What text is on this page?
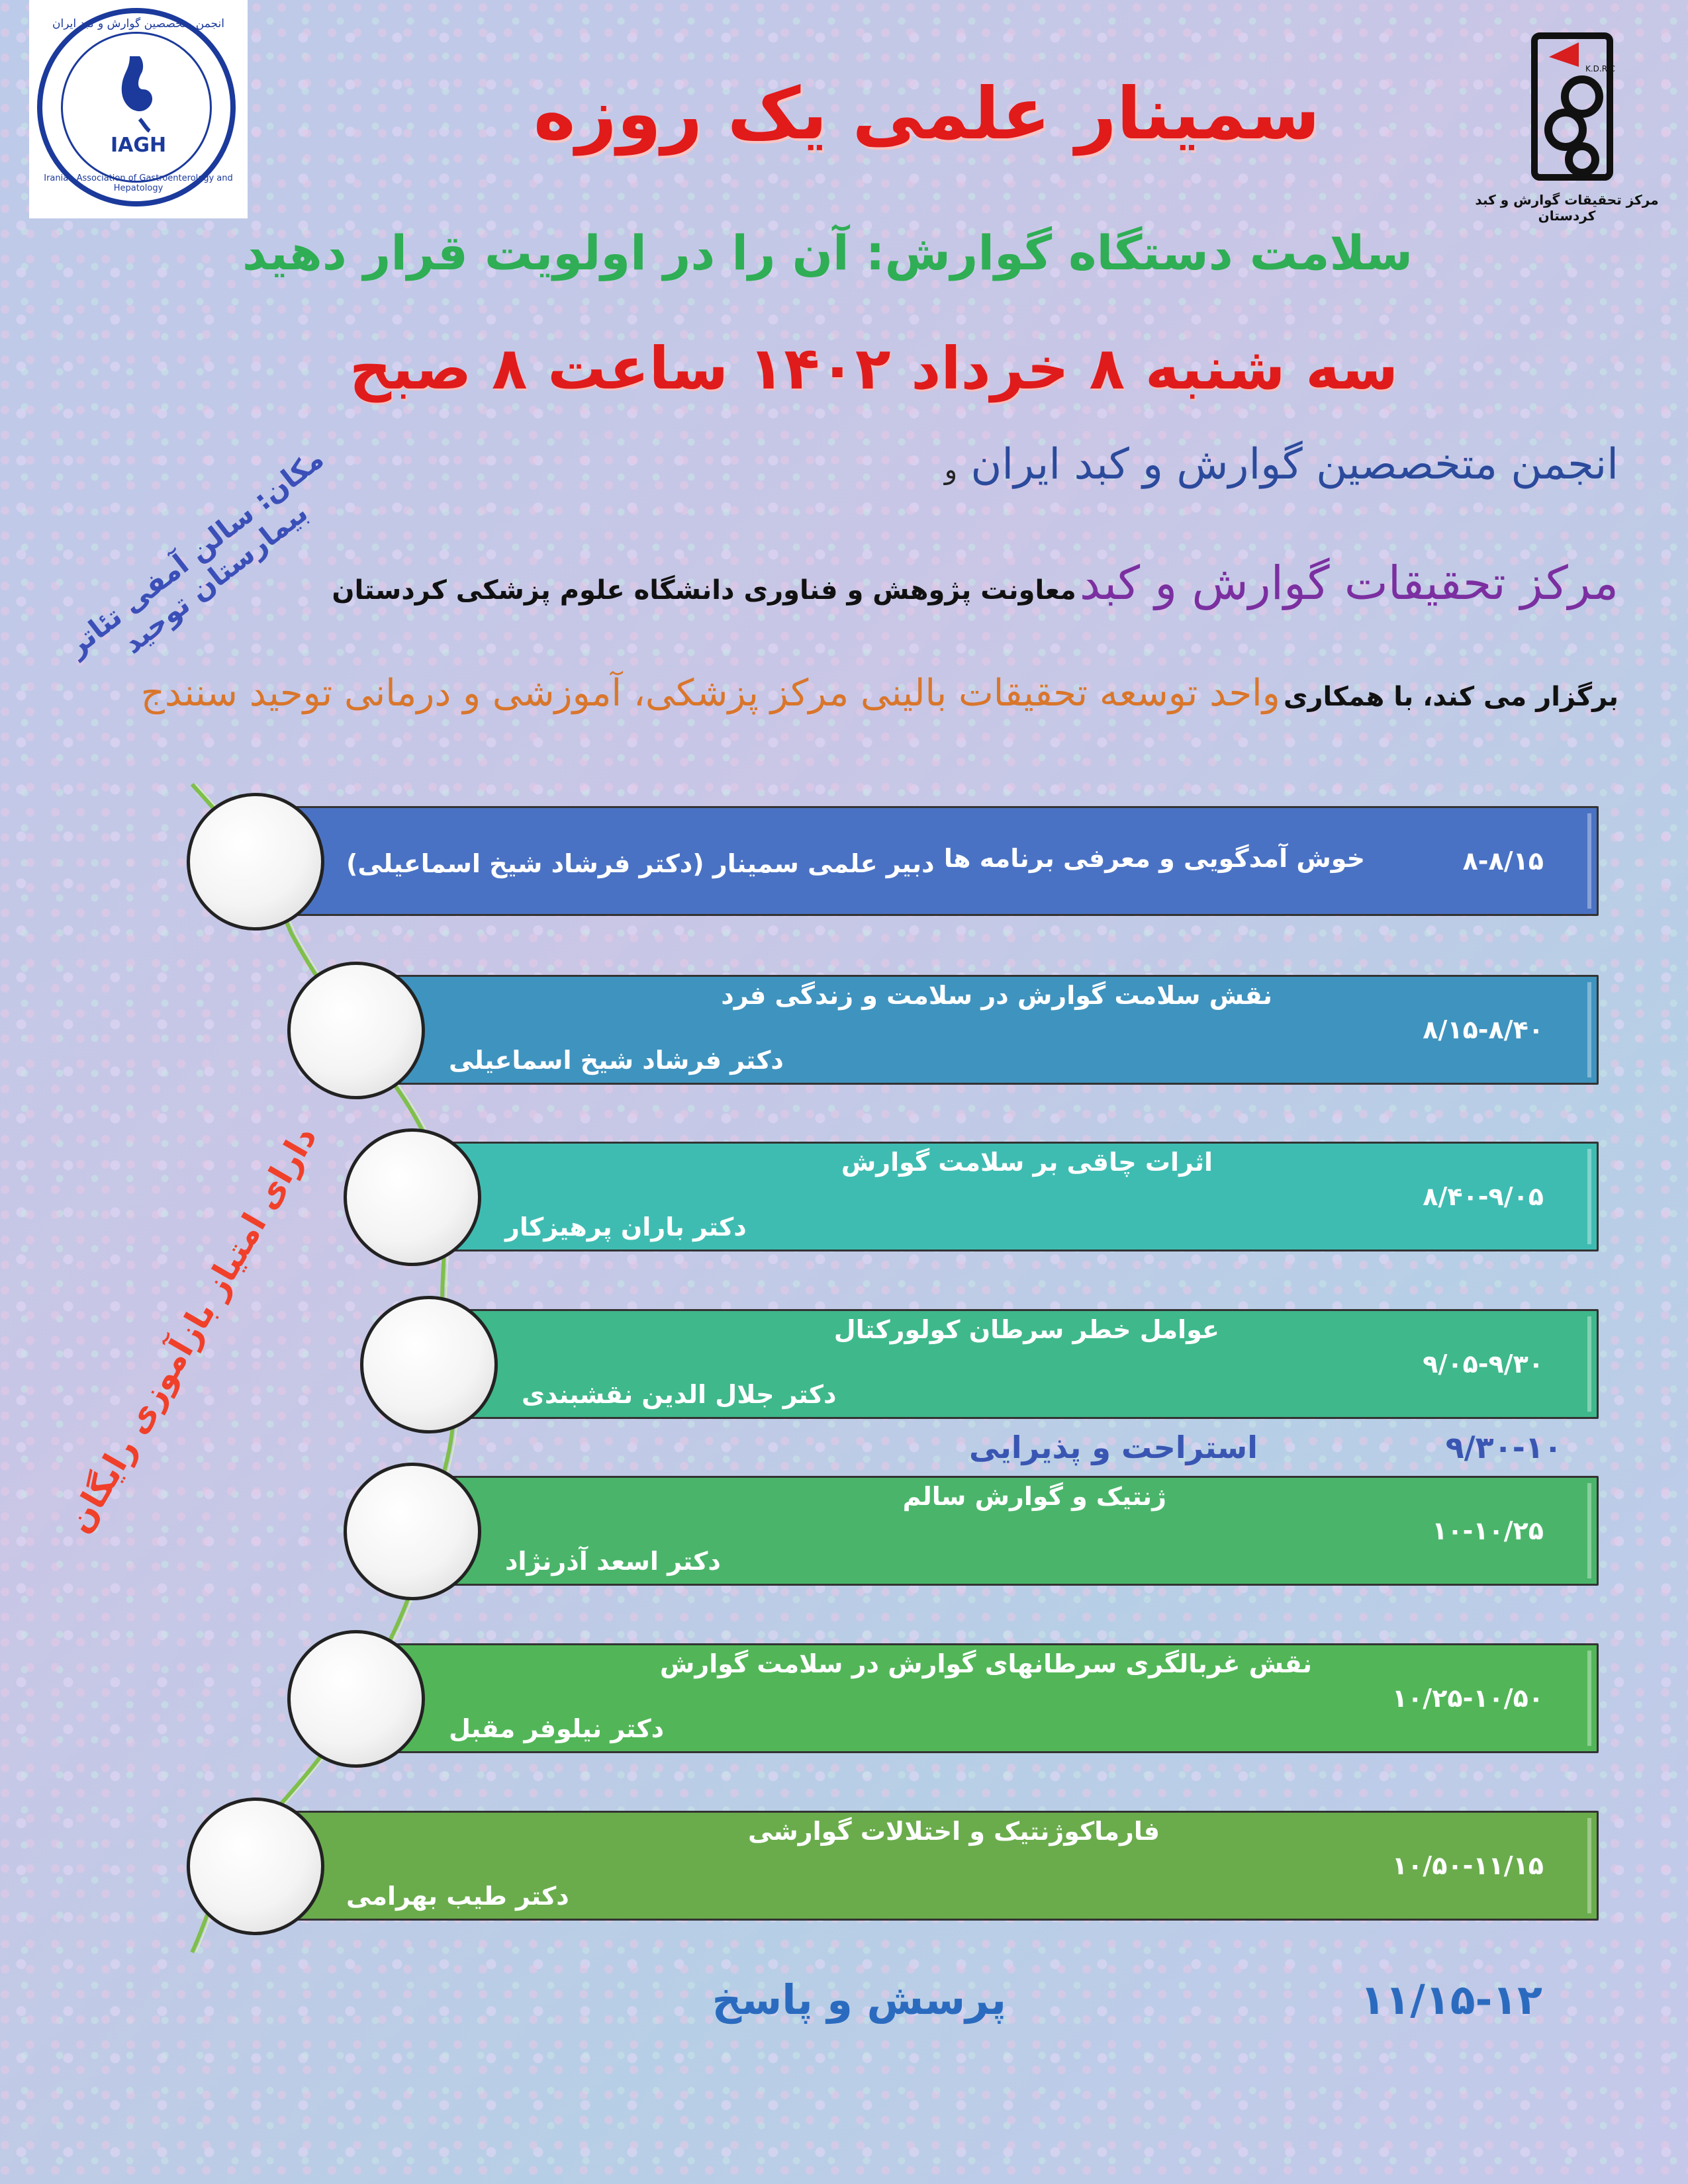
انجمن متخصصین گوارش و کبد ایران
IAGH
Iranian Association of Gastroenterology and Hepatology
K.D.R.C
مرکز تحقیقات گوارش و کبد کردستان
سمینار علمی یک روزه
سلامت دستگاه گوارش: آن را در اولویت قرار دهید
سه شنبه ۸ خرداد ۱۴۰۲ ساعت ۸ صبح
انجمن متخصصین گوارش و کبد ایران و
مرکز تحقیقات گوارش و کبد معاونت پژوهش و فناوری دانشگاه علوم پزشکی کردستان
برگزار می کند، با همکاری واحد توسعه تحقیقات بالینی مرکز پزشکی، آموزشی و درمانی توحید سنندج
مکان: سالن آمفی تئاتر بیمارستان توحید
دارای امتیاز بازآموزی رایگان
۸-۸/۱۵
خوش آمدگویی و معرفی برنامه ها
دبیر علمی سمینار (دکتر فرشاد شیخ اسماعیلی)
۸/۱۵-۸/۴۰
نقش سلامت گوارش در سلامت و زندگی فرد
دکتر فرشاد شیخ اسماعیلی
۸/۴۰-۹/۰۵
اثرات چاقی بر سلامت گوارش
دکتر باران پرهیزکار
۹/۰۵-۹/۳۰
عوامل خطر سرطان کولورکتال
دکتر جلال الدین نقشبندی
استراحت و پذیرایی	۹/۳۰-۱۰
۱۰-۱۰/۲۵
ژنتیک و گوارش سالم
دکتر اسعد آذرنژاد
۱۰/۲۵-۱۰/۵۰
نقش غربالگری سرطانهای گوارش در سلامت گوارش
دکتر نیلوفر مقبل
۱۰/۵۰-۱۱/۱۵
فارماکوژنتیک و اختلالات گوارشی
دکتر طیب بهرامی
پرسش و پاسخ	۱۱/۱۵-۱۲
